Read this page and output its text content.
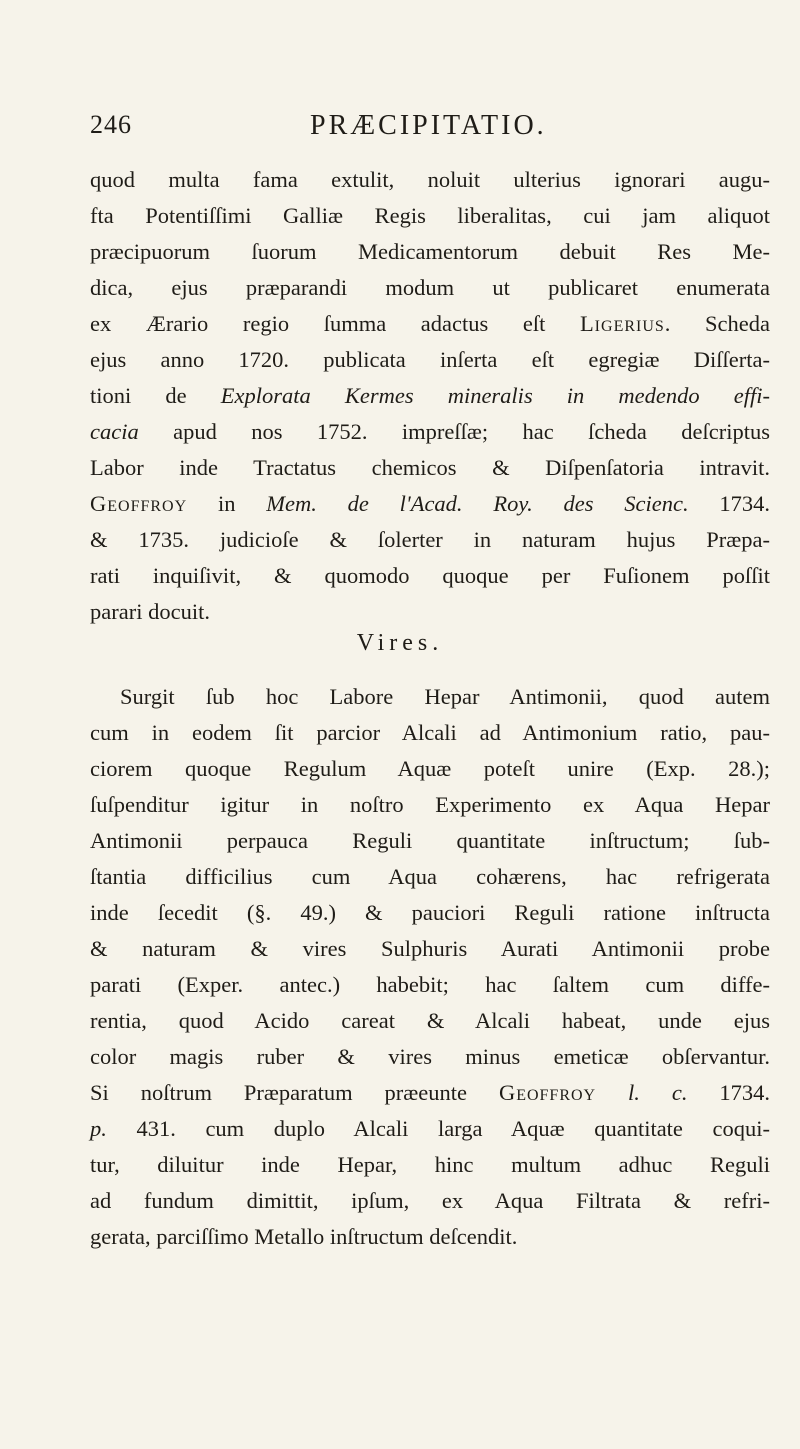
246	PRÆCIPITATIO.
quod multa fama extulit, noluit ulterius ignorari augu-
fta Potentiſſimi Galliæ Regis liberalitas, cui jam aliquot
præcipuorum ſuorum Medicamentorum debuit Res Me-
dica, ejus præparandi modum ut publicaret enumerata
ex Ærario regio ſumma adactus eſt Ligerius. Scheda
ejus anno 1720. publicata inſerta eſt egregiæ Diſſerta-
tioni de Explorata Kermes mineralis in medendo effi-
cacia apud nos 1752. impreſſæ; hac ſcheda deſcriptus
Labor inde Tractatus chemicos & Diſpenſatoria intravit.
Geoffroy in Mem. de l'Acad. Roy. des Scienc. 1734.
& 1735. judicioſe & ſolerter in naturam hujus Præpa-
rati inquiſivit, & quomodo quoque per Fuſionem poſſit
parari docuit.
Vires.
Surgit ſub hoc Labore Hepar Antimonii, quod autem
cum in eodem ſit parcior Alcali ad Antimonium ratio, pau-
ciorem quoque Regulum Aquæ poteſt unire (Exp. 28.);
ſuſpenditur igitur in noſtro Experimento ex Aqua Hepar
Antimonii perpauca Reguli quantitate inſtructum; ſub-
ſtantia difficilius cum Aqua cohærens, hac refrigerata
inde ſecedit (§. 49.) & pauciori Reguli ratione inſtructa
& naturam & vires Sulphuris Aurati Antimonii probe
parati (Exper. antec.) habebit; hac ſaltem cum diffe-
rentia, quod Acido careat & Alcali habeat, unde ejus
color magis ruber & vires minus emeticæ obſervantur.
Si noſtrum Præparatum præeunte Geoffroy l. c. 1734.
p. 431. cum duplo Alcali larga Aquæ quantitate coqui-
tur, diluitur inde Hepar, hinc multum adhuc Reguli
ad fundum dimittit, ipſum, ex Aqua Filtrata & refri-
gerata, parciſſimo Metallo inſtructum deſcendit.
